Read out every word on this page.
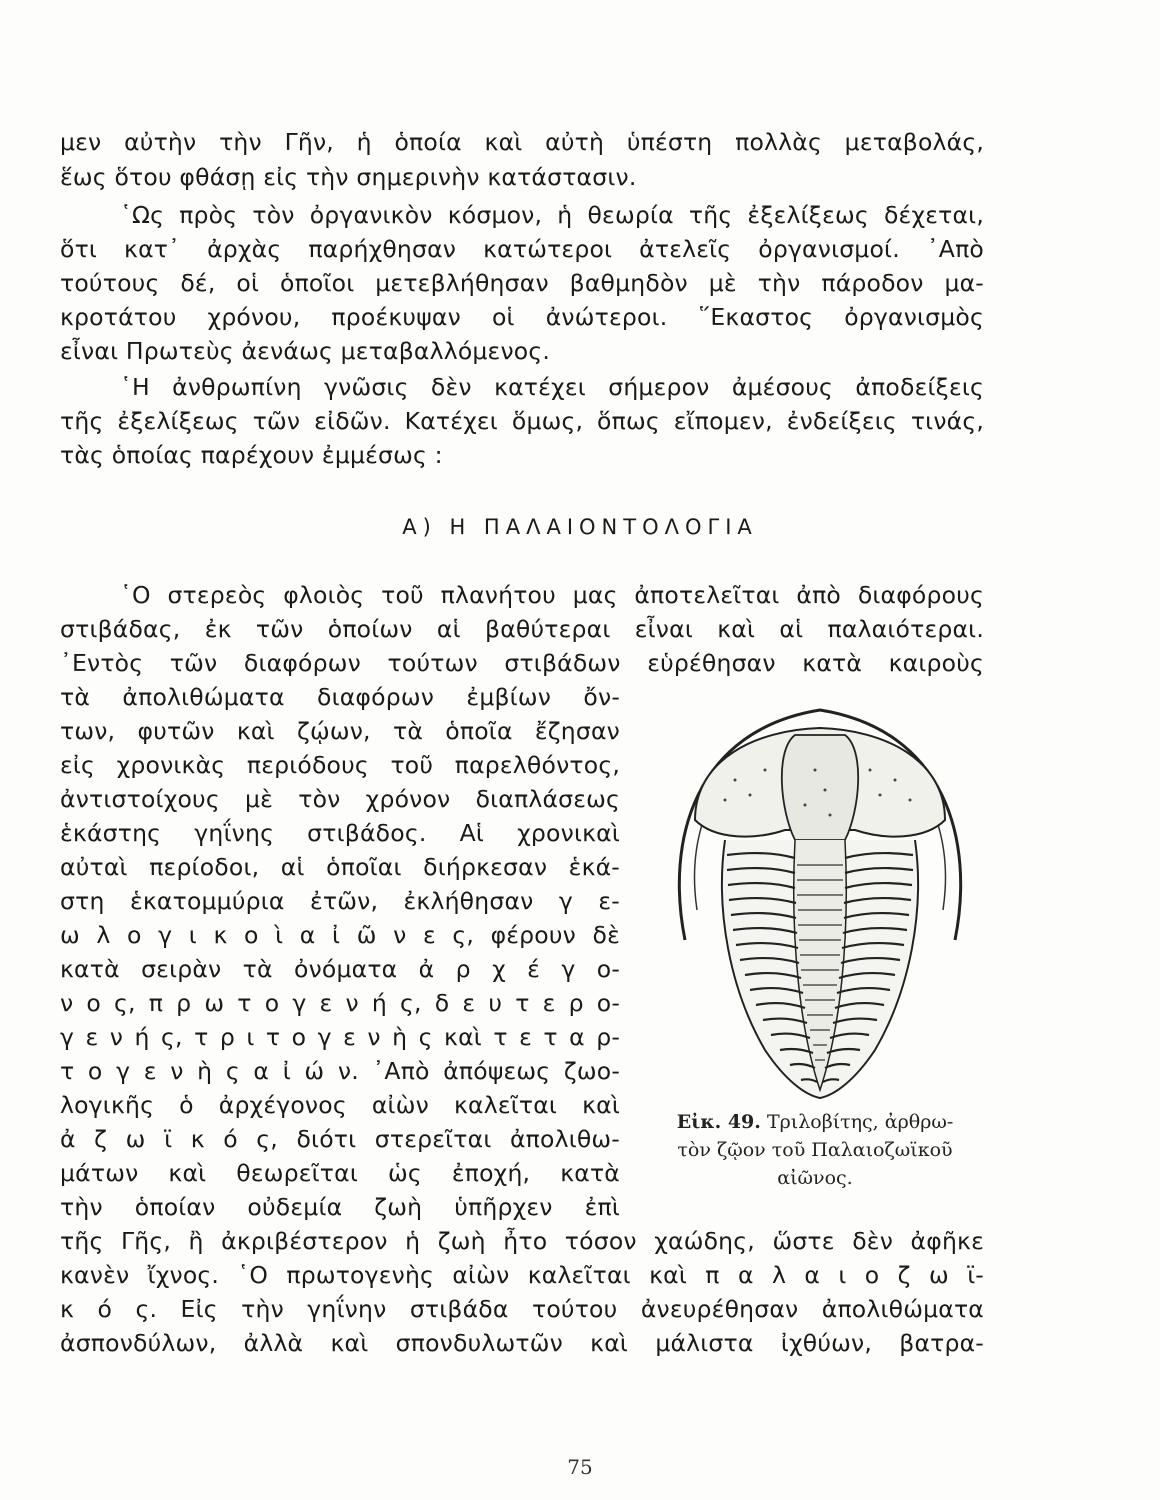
μεν αὐτὴν τὴν Γῆν, ἡ ὁποία καὶ αὐτὴ ὑπέστη πολλὰς μεταβολάς,
ἕως ὅτου φθάσῃ εἰς τὴν σημερινὴν κατάστασιν.
῾Ως πρὸς τὸν ὀργανικὸν κόσμον, ἡ θεωρία τῆς ἐξελίξεως δέχεται,
ὅτι κατ᾽ ἀρχὰς παρήχθησαν κατώτεροι ἀτελεῖς ὀργανισμοί. ᾿Απὸ
τούτους δέ, οἱ ὁποῖοι μετεβλήθησαν βαθμηδὸν μὲ τὴν πάροδον μα-
κροτάτου χρόνου, προέκυψαν οἱ ἀνώτεροι. ῞Εκαστος ὀργανισμὸς
εἶναι Πρωτεὺς ἀενάως μεταβαλλόμενος.
῾Η ἀνθρωπίνη γνῶσις δὲν κατέχει σήμερον ἀμέσους ἀποδείξεις
τῆς ἐξελίξεως τῶν εἰδῶν. Κατέχει ὅμως, ὅπως εἴπομεν, ἐνδείξεις τινάς,
τὰς ὁποίας παρέχουν ἐμμέσως :
Α) Η ΠΑΛΑΙΟΝΤΟΛΟΓΙΑ
῾Ο στερεὸς φλοιὸς τοῦ πλανήτου μας ἀποτελεῖται ἀπὸ διαφόρους
στιβάδας, ἐκ τῶν ὁποίων αἱ βαθύτεραι εἶναι καὶ αἱ παλαιότεραι.
᾿Εντὸς τῶν διαφόρων τούτων στιβάδων εὑρέθησαν κατὰ καιροὺς
τὰ ἀπολιθώματα διαφόρων ἐμβίων ὄν-
των, φυτῶν καὶ ζῴων, τὰ ὁποῖα ἔζησαν
εἰς χρονικὰς περιόδους τοῦ παρελθόντος,
ἀντιστοίχους μὲ τὸν χρόνον διαπλάσεως
ἑκάστης γηΐνης στιβάδος. Αἱ χρονικαὶ
αὐταὶ περίοδοι, αἱ ὁποῖαι διήρκεσαν ἑκά-
στη ἑκατομμύρια ἐτῶν, ἐκλήθησαν γ ε-
ω λ ο γ ι κ ο ὶ α ἰ ῶ ν ε ς, φέρουν δὲ
κατὰ σειρὰν τὰ ὀνόματα ἀ ρ χ έ γ ο-
ν ο ς, π ρ ω τ ο γ ε ν ή ς, δ ε υ τ ε ρ ο-
γ ε ν ή ς, τ ρ ι τ ο γ ε ν ὴ ς καὶ τ ε τ α ρ-
τ ο γ ε ν ὴ ς α ἰ ώ ν. ᾿Απὸ ἀπόψεως ζωο-
λογικῆς ὁ ἀρχέγονος αἰὼν καλεῖται καὶ
ἀ ζ ω ϊ κ ό ς, διότι στερεῖται ἀπολιθω-
μάτων καὶ θεωρεῖται ὡς ἐποχή, κατὰ
τὴν ὁποίαν οὐδεμία ζωὴ ὑπῆρχεν ἐπὶ
τῆς Γῆς, ἢ ἀκριβέστερον ἡ ζωὴ ἦτο τόσον χαώδης, ὥστε δὲν ἀφῆκε
κανὲν ἴχνος. ῾Ο πρωτογενὴς αἰὼν καλεῖται καὶ π α λ α ι ο ζ ω ϊ-
κ ό ς. Εἰς τὴν γηΐνην στιβάδα τούτου ἀνευρέθησαν ἀπολιθώματα
ἀσπονδύλων, ἀλλὰ καὶ σπονδυλωτῶν καὶ μάλιστα ἰχθύων, βατρα-
Εἰκ. 49. Τριλοβίτης, ἀρθρω-
τὸν ζῷον τοῦ Παλαιοζωϊκοῦ
αἰῶνος.
75
